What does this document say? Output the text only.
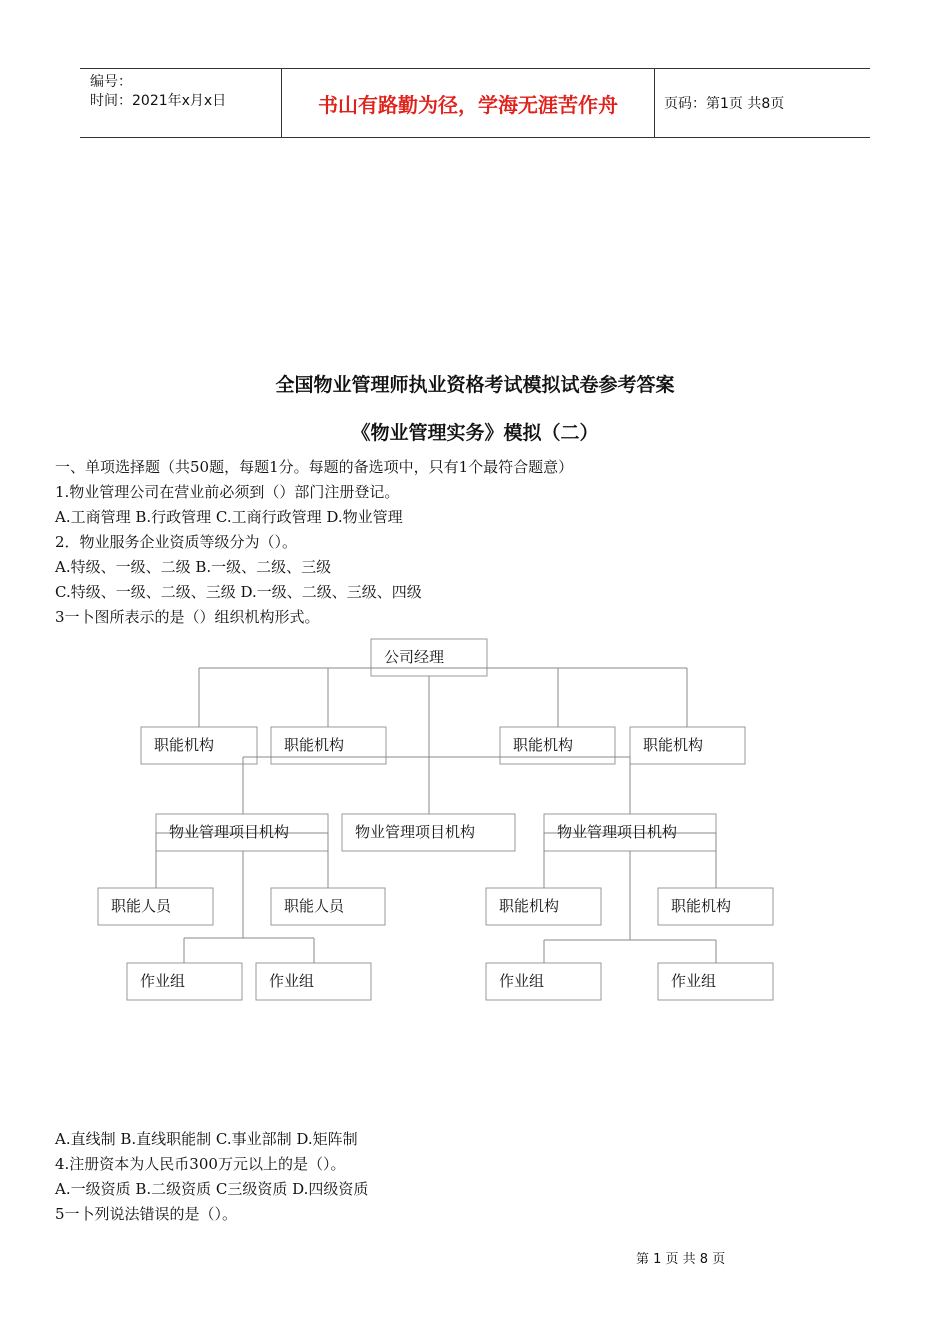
编号：
时间：2021年x月x日	书山有路勤为径，学海无涯苦作舟	页码：第1页 共8页
全国物业管理师执业资格考试模拟试卷参考答案
《物业管理实务》模拟（二）
一、单项选择题（共50题，每题1分。每题的备选项中，只有1个最符合题意）
1.物业管理公司在营业前必须到（）部门注册登记。
A.工商管理 B.行政管理 C.工商行政管理 D.物业管理
2．物业服务企业资质等级分为（）。
A.特级、一级、二级 B.一级、二级、三级
C.特级、一级、二级、三级 D.一级、二级、三级、四级
3一卜图所表示的是（）组织机构形式。
公司经理
职能机构	职能机构	职能机构	职能机构
物业管理项目机构	物业管理项目机构	物业管理项目机构
职能人员	职能人员	职能机构	职能机构
作业组	作业组	作业组	作业组
A.直线制 B.直线职能制 C.事业部制 D.矩阵制
4.注册资本为人民币300万元以上的是（）。
A.一级资质 B.二级资质 C三级资质 D.四级资质
5一卜列说法错误的是（）。
第 1 页 共 8 页
